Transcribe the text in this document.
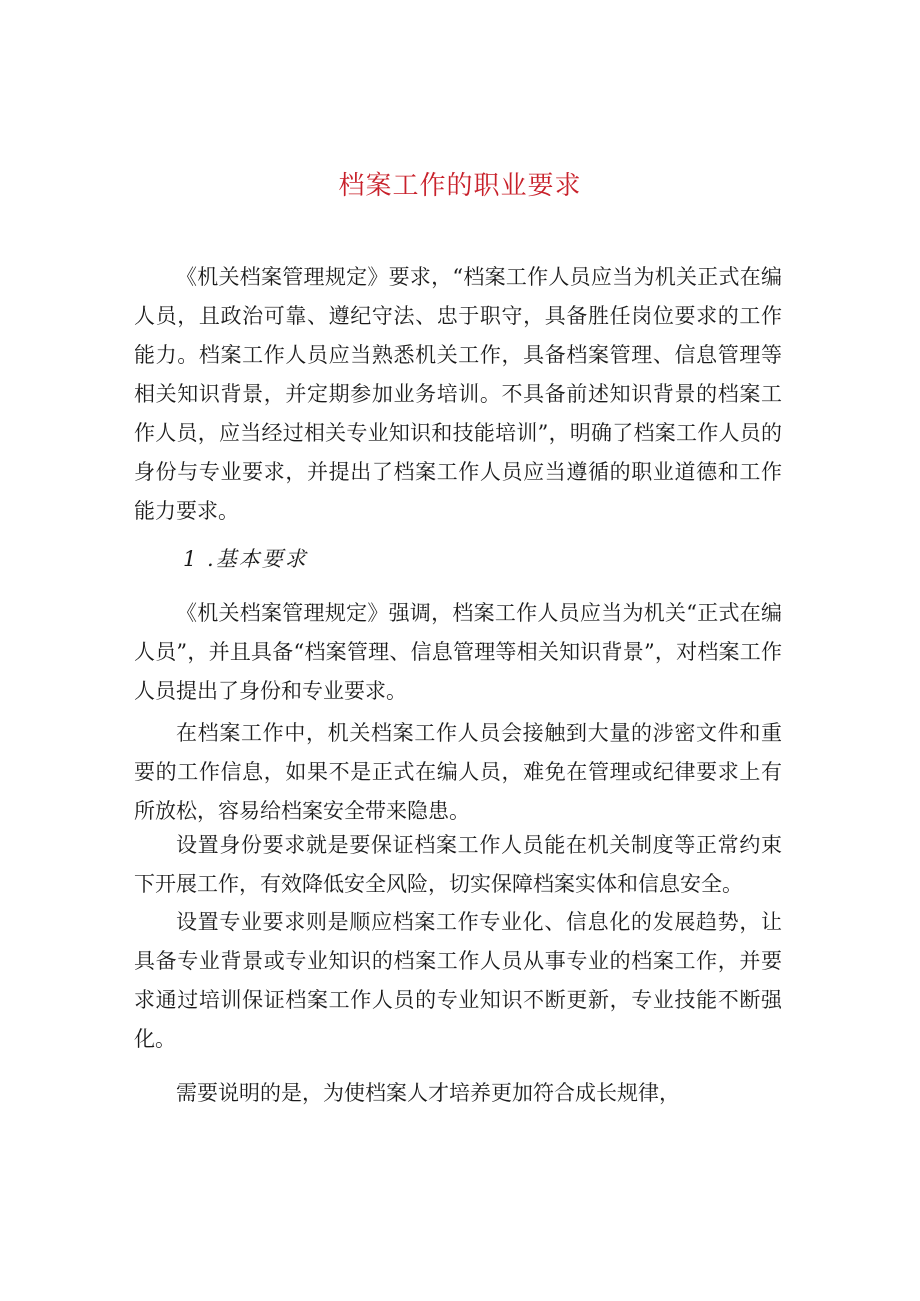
档案工作的职业要求

《机关档案管理规定》要求，“档案工作人员应当为机关正式在编人员，且政治可靠、遵纪守法、忠于职守，具备胜任岗位要求的工作能力。档案工作人员应当熟悉机关工作，具备档案管理、信息管理等相关知识背景，并定期参加业务培训。不具备前述知识背景的档案工作人员，应当经过相关专业知识和技能培训”，明确了档案工作人员的身份与专业要求，并提出了档案工作人员应当遵循的职业道德和工作能力要求。

1 .基本要求

《机关档案管理规定》强调，档案工作人员应当为机关“正式在编人员”，并且具备“档案管理、信息管理等相关知识背景”，对档案工作人员提出了身份和专业要求。

在档案工作中，机关档案工作人员会接触到大量的涉密文件和重要的工作信息，如果不是正式在编人员，难免在管理或纪律要求上有所放松，容易给档案安全带来隐患。

设置身份要求就是要保证档案工作人员能在机关制度等正常约束下开展工作，有效降低安全风险，切实保障档案实体和信息安全。

设置专业要求则是顺应档案工作专业化、信息化的发展趋势，让具备专业背景或专业知识的档案工作人员从事专业的档案工作，并要求通过培训保证档案工作人员的专业知识不断更新，专业技能不断强化。

需要说明的是，为使档案人才培养更加符合成长规律，
